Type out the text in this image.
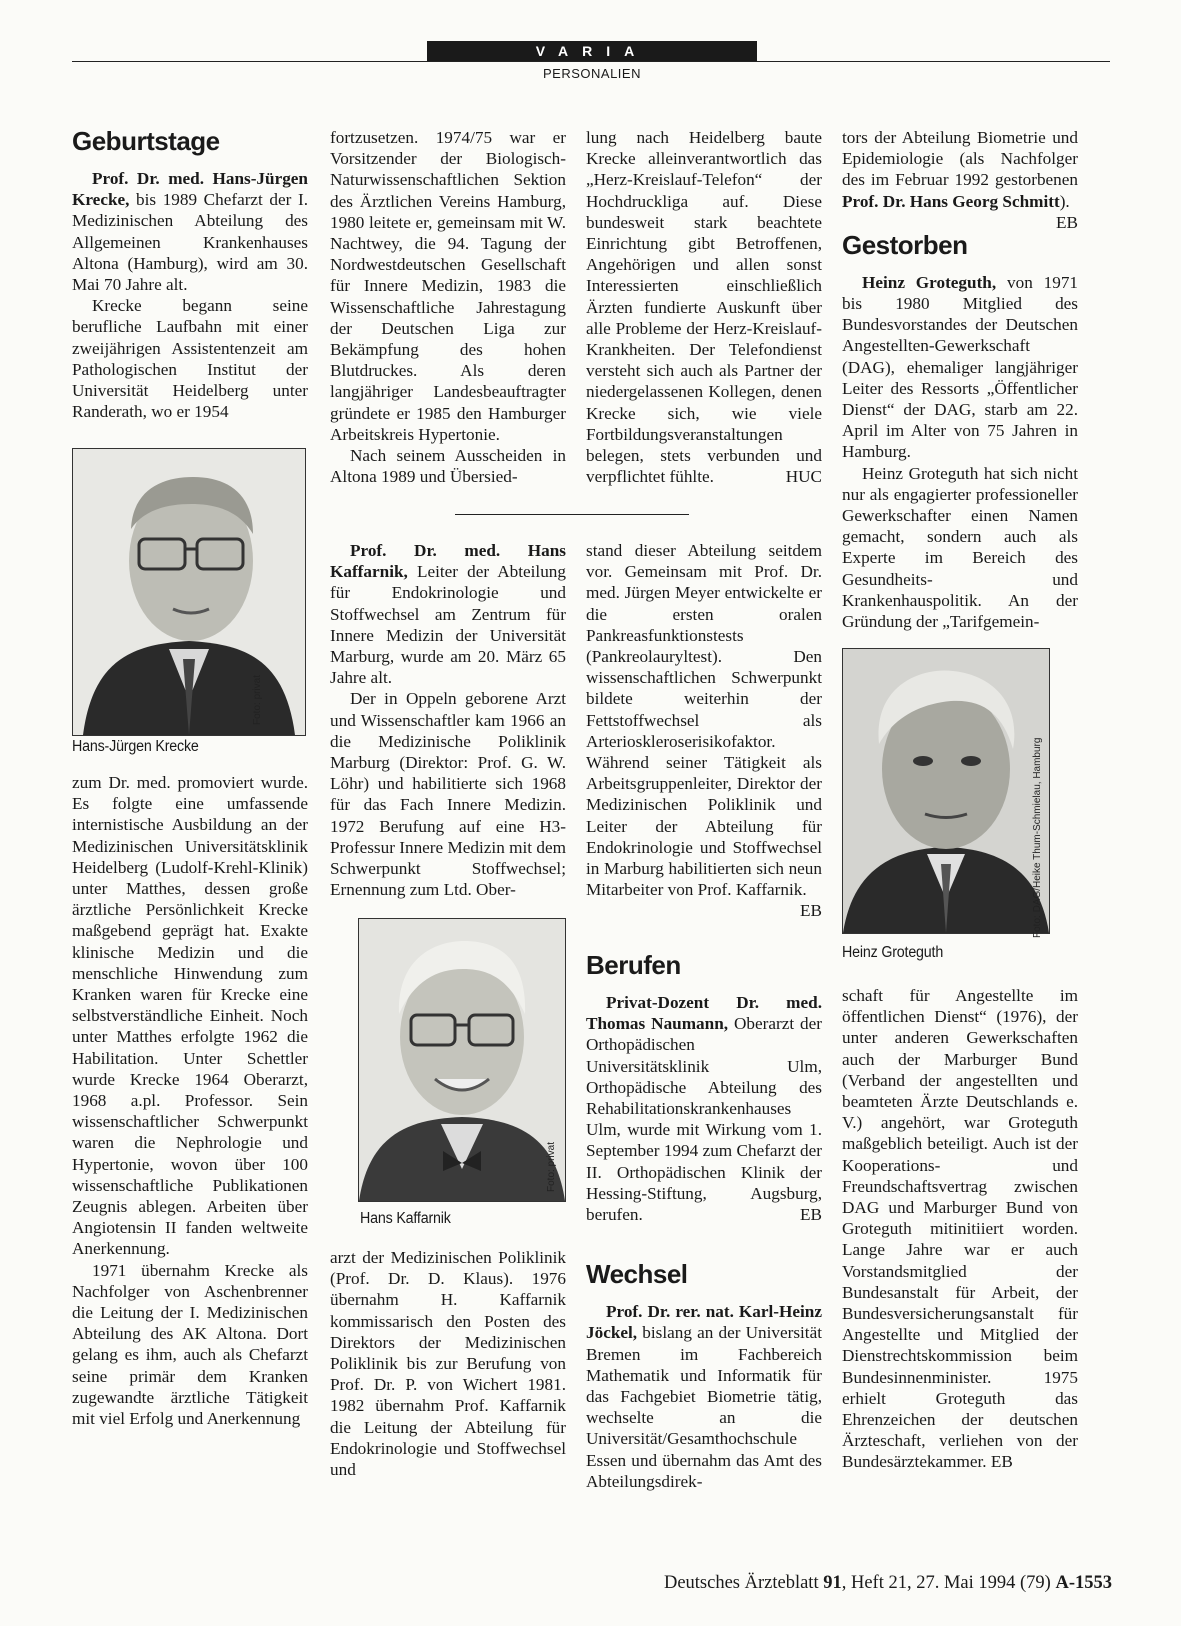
VARIA
PERSONALIEN
Geburtstage

Prof. Dr. med. Hans-Jürgen Krecke, bis 1989 Chefarzt der I. Medizinischen Abteilung des Allgemeinen Krankenhauses Altona (Hamburg), wird am 30. Mai 70 Jahre alt.

Krecke begann seine berufliche Laufbahn mit einer zweijährigen Assistentenzeit am Pathologischen Institut der Universität Heidelberg unter Randerath, wo er 1954

Foto: privat
Hans-Jürgen Krecke

zum Dr. med. promoviert wurde. Es folgte eine umfassende internistische Ausbildung an der Medizinischen Universitätsklinik Heidelberg (Ludolf-Krehl-Klinik) unter Matthes, dessen große ärztliche Persönlichkeit Krecke maßgebend geprägt hat. Exakte klinische Medizin und die menschliche Hinwendung zum Kranken waren für Krecke eine selbstverständliche Einheit. Noch unter Matthes erfolgte 1962 die Habilitation. Unter Schettler wurde Krecke 1964 Oberarzt, 1968 a.pl. Professor. Sein wissenschaftlicher Schwerpunkt waren die Nephrologie und Hypertonie, wovon über 100 wissenschaftliche Publikationen Zeugnis ablegen. Arbeiten über Angiotensin II fanden weltweite Anerkennung.

1971 übernahm Krecke als Nachfolger von Aschenbrenner die Leitung der I. Medizinischen Abteilung des AK Altona. Dort gelang es ihm, auch als Chefarzt seine primär dem Kranken zugewandte ärztliche Tätigkeit mit viel Erfolg und Anerkennung

fortzusetzen. 1974/75 war er Vorsitzender der Biologisch-Naturwissenschaftlichen Sektion des Ärztlichen Vereins Hamburg, 1980 leitete er, gemeinsam mit W. Nachtwey, die 94. Tagung der Nordwestdeutschen Gesellschaft für Innere Medizin, 1983 die Wissenschaftliche Jahrestagung der Deutschen Liga zur Bekämpfung des hohen Blutdruckes. Als deren langjähriger Landesbeauftragter gründete er 1985 den Hamburger Arbeitskreis Hypertonie.

Nach seinem Ausscheiden in Altona 1989 und Übersied-

lung nach Heidelberg baute Krecke alleinverantwortlich das „Herz-Kreislauf-Telefon“ der Hochdruckliga auf. Diese bundesweit stark beachtete Einrichtung gibt Betroffenen, Angehörigen und allen sonst Interessierten einschließlich Ärzten fundierte Auskunft über alle Probleme der Herz-Kreislauf-Krankheiten. Der Telefondienst versteht sich auch als Partner der niedergelassenen Kollegen, denen Krecke sich, wie viele Fortbildungsveranstaltungen belegen, stets verbunden und verpflichtet fühlte.	HUC

Prof. Dr. med. Hans Kaffarnik, Leiter der Abteilung für Endokrinologie und Stoffwechsel am Zentrum für Innere Medizin der Universität Marburg, wurde am 20. März 65 Jahre alt.

Der in Oppeln geborene Arzt und Wissenschaftler kam 1966 an die Medizinische Poliklinik Marburg (Direktor: Prof. G. W. Löhr) und habilitierte sich 1968 für das Fach Innere Medizin. 1972 Berufung auf eine H3-Professur Innere Medizin mit dem Schwerpunkt Stoffwechsel; Ernennung zum Ltd. Ober-

Foto: privat
Hans Kaffarnik

arzt der Medizinischen Poliklinik (Prof. Dr. D. Klaus). 1976 übernahm H. Kaffarnik kommissarisch den Posten des Direktors der Medizinischen Poliklinik bis zur Berufung von Prof. Dr. P. von Wichert 1981. 1982 übernahm Prof. Kaffarnik die Leitung der Abteilung für Endokrinologie und Stoffwechsel und

stand dieser Abteilung seitdem vor. Gemeinsam mit Prof. Dr. med. Jürgen Meyer entwickelte er die ersten oralen Pankreasfunktionstests (Pankreolauryltest). Den wissenschaftlichen Schwerpunkt bildete weiterhin der Fettstoffwechsel als Arterioskleroserisikofaktor. Während seiner Tätigkeit als Arbeitsgruppenleiter, Direktor der Medizinischen Poliklinik und Leiter der Abteilung für Endokrinologie und Stoffwechsel in Marburg habilitierten sich neun Mitarbeiter von Prof. Kaffarnik.
EB

Berufen

Privat-Dozent Dr. med. Thomas Naumann, Oberarzt der Orthopädischen Universitätsklinik Ulm, Orthopädische Abteilung des Rehabilitationskrankenhauses Ulm, wurde mit Wirkung vom 1. September 1994 zum Chefarzt der II. Orthopädischen Klinik der Hessing-Stiftung, Augsburg, berufen.	EB

Wechsel

Prof. Dr. rer. nat. Karl-Heinz Jöckel, bislang an der Universität Bremen im Fachbereich Mathematik und Informatik für das Fachgebiet Biometrie tätig, wechselte an die Universität/Gesamthochschule Essen und übernahm das Amt des Abteilungsdirek-

tors der Abteilung Biometrie und Epidemiologie (als Nachfolger des im Februar 1992 gestorbenen Prof. Dr. Hans Georg Schmitt).
EB

Gestorben

Heinz Groteguth, von 1971 bis 1980 Mitglied des Bundesvorstandes der Deutschen Angestellten-Gewerkschaft (DAG), ehemaliger langjähriger Leiter des Ressorts „Öffentlicher Dienst“ der DAG, starb am 22. April im Alter von 75 Jahren in Hamburg.

Heinz Groteguth hat sich nicht nur als engagierter professioneller Gewerkschafter einen Namen gemacht, sondern auch als Experte im Bereich des Gesundheits- und Krankenhauspolitik. An der Gründung der „Tarifgemein-

Foto: DAG/Heike Thum-Schmielau, Hamburg
Heinz Groteguth

schaft für Angestellte im öffentlichen Dienst“ (1976), der unter anderen Gewerkschaften auch der Marburger Bund (Verband der angestellten und beamteten Ärzte Deutschlands e. V.) angehört, war Groteguth maßgeblich beteiligt. Auch ist der Kooperations- und Freundschaftsvertrag zwischen DAG und Marburger Bund von Groteguth mitinitiiert worden. Lange Jahre war er auch Vorstandsmitglied der Bundesanstalt für Arbeit, der Bundesversicherungsanstalt für Angestellte und Mitglied der Dienstrechtskommission beim Bundesinnenminister. 1975 erhielt Groteguth das Ehrenzeichen der deutschen Ärzteschaft, verliehen von der Bundesärztekammer. EB

Deutsches Ärzteblatt 91, Heft 21, 27. Mai 1994 (79) A-1553
